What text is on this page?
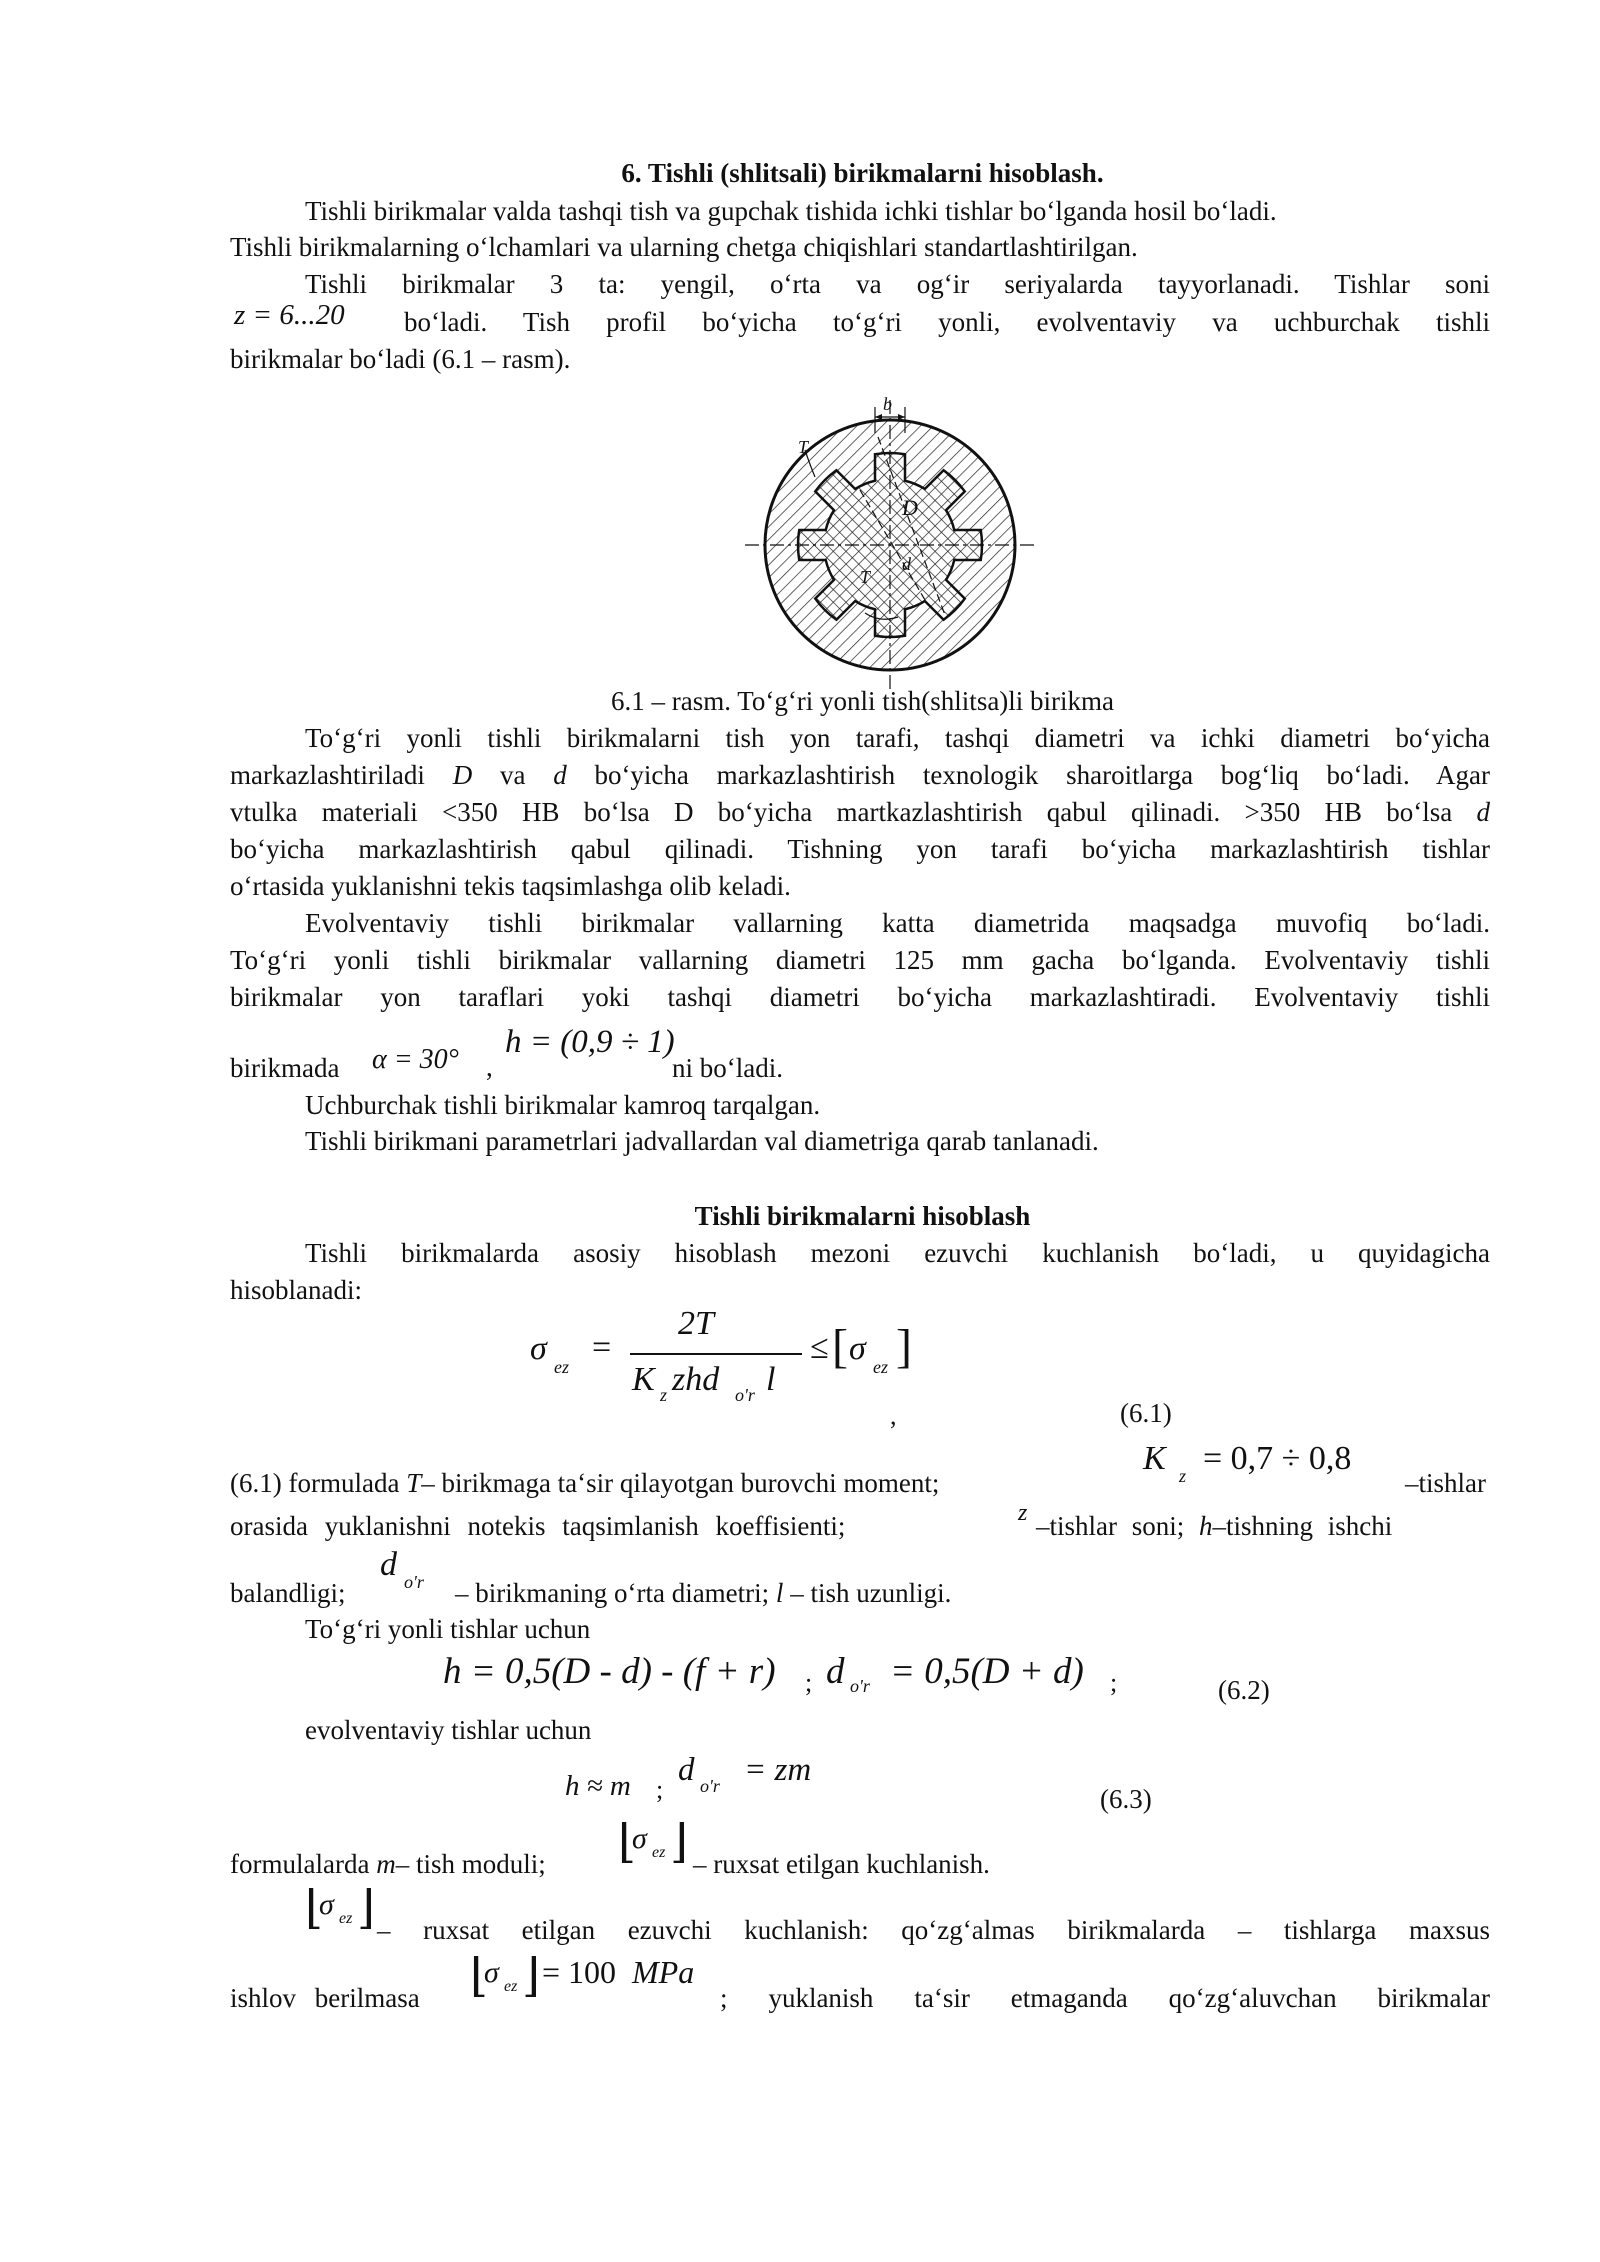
6. Tishli (shlitsali) birikmalarni hisoblash.
Tishli birikmalar valda tashqi tish va gupchak tishida ichki tishlar bo‘lganda hosil bo‘ladi.
Tishli birikmalarning o‘lchamlari va ularning chetga chiqishlari standartlashtirilgan.
Tishli birikmalar 3 ta: yengil, o‘rta va og‘ir seriyalarda tayyorlanadi. Tishlar soni
z = 6...20 bo‘ladi. Tish profil bo‘yicha to‘g‘ri yonli, evolventaviy va uchburchak tishli
birikmalar bo‘ladi (6.1 – rasm).
b
T
D
d
T
6.1 – rasm. To‘g‘ri yonli tish(shlitsa)li birikma
To‘g‘ri yonli tishli birikmalarni tish yon tarafi, tashqi diametri va ichki diametri bo‘yicha
markazlashtiriladi D va d bo‘yicha markazlashtirish texnologik sharoitlarga bog‘liq bo‘ladi. Agar
vtulka materiali <350 HB bo‘lsa D bo‘yicha martkazlashtirish qabul qilinadi. >350 HB bo‘lsa d
bo‘yicha markazlashtirish qabul qilinadi. Tishning yon tarafi bo‘yicha markazlashtirish tishlar
o‘rtasida yuklanishni tekis taqsimlashga olib keladi.
Evolventaviy tishli birikmalar vallarning katta diametrida maqsadga muvofiq bo‘ladi.
To‘g‘ri yonli tishli birikmalar vallarning diametri 125 mm gacha bo‘lganda. Evolventaviy tishli
birikmalar yon taraflari yoki tashqi diametri bo‘yicha markazlashtiradi. Evolventaviy tishli
birikmada α = 30° ,
h = (0,9 ÷ 1)
ni bo‘ladi.
Uchburchak tishli birikmalar kamroq tarqalgan.
Tishli birikmani parametrlari jadvallardan val diametriga qarab tanlanadi.
Tishli birikmalarni hisoblash
Tishli birikmalarda asosiy hisoblash mezoni ezuvchi kuchlanish bo‘ladi, u quyidagicha
hisoblanadi:
σ ez
=
2T
K z zhd o'r l
≤ [ σ ez ]
,	(6.1)
(6.1) formulada T– birikmaga ta‘sir qilayotgan burovchi moment;
K z = 0,7 ÷ 0,8
–tishlar
orasida yuklanishni notekis taqsimlanish koeffisienti;	z –tishlar soni; h–tishning ishchi
balandligi;
d o'r – birikmaning o‘rta diametri; l – tish uzunligi.
To‘g‘ri yonli tishlar uchun
h = 0,5(D - d) - (f + r) ; d o'r = 0,5(D + d) ;	(6.2)
evolventaviy tishlar uchun
h ≈ m ;
d o'r = zm
(6.3)
formulalarda m– tish moduli; ⌊
σ ez ⌋ – ruxsat etilgan kuchlanish.
⌊
σ ez ⌋ – ruxsat etilgan ezuvchi kuchlanish: qo‘zg‘almas birikmalarda – tishlarga maxsus
ishlov berilmasa ⌊
σ ez ⌋ = 100 MPa
; yuklanish ta‘sir etmaganda qo‘zg‘aluvchan birikmalar
